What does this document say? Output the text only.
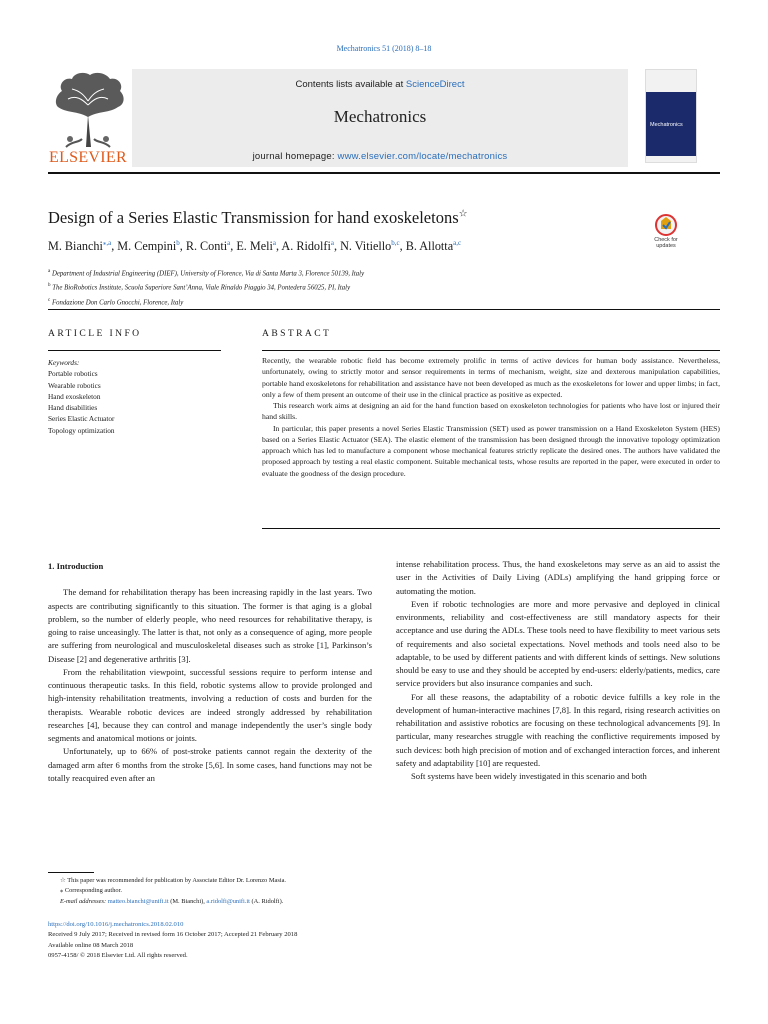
Mechatronics 51 (2018) 8–18
ELSEVIER
Contents lists available at ScienceDirect
Mechatronics
journal homepage: www.elsevier.com/locate/mechatronics
Mechatronics
Design of a Series Elastic Transmission for hand exoskeletons☆
Check for updates
M. Bianchi$^{⁎,a}$, M. Cempini$^b$, R. Conti$^a$, E. Meli$^a$, A. Ridolfi$^a$, N. Vitiello$^{b,c}$, B. Allotta$^{a,c}$
$^a$ Department of Industrial Engineering (DIEF), University of Florence, Via di Santa Marta 3, Florence 50139, Italy
$^b$ The BioRobotics Institute, Scuola Superiore Sant’Anna, Viale Rinaldo Piaggio 34, Pontedera 56025, PI, Italy
$^c$ Fondazione Don Carlo Gnocchi, Florence, Italy
ARTICLE INFO	ABSTRACT
Keywords:
Portable robotics
Wearable robotics
Hand exoskeleton
Hand disabilities
Series Elastic Actuator
Topology optimization

Recently, the wearable robotic field has become extremely prolific in terms of active devices for human body assistance. Nevertheless, unfortunately, owing to strictly motor and sensor requirements in terms of mechanism, weight, size and dexterous manipulation capabilities, portable hand exoskeletons for rehabilitation and assistance have not been developed as much as the exoskeletons for lower and upper limbs; in fact, only a few of them present an outcome of their use in the clinical practice as positive as expected.

This research work aims at designing an aid for the hand function based on exoskeleton technologies for patients who have lost or injured their hand skills.

In particular, this paper presents a novel Series Elastic Transmission (SET) used as power transmission on a Hand Exoskeleton System (HES) based on a Series Elastic Actuator (SEA). The elastic element of the transmission has been designed through the innovative topology optimization approach which has led to manufacture a component whose mechanical features strictly replicate the desired ones. The authors have validated the proposed approach by testing a real elastic component. Suitable mechanical tests, whose results are reported in the paper, were executed in order to evaluate the goodness of the design procedure.

1. Introduction

The demand for rehabilitation therapy has been increasing rapidly in the last years. Two aspects are contributing significantly to this situation. The former is that aging is a global problem, so the number of elderly people, who need resources for rehabilitative therapy, is going to raise unceasingly. The latter is that, not only as a consequence of aging, more people are suffering from neurological and musculoskeletal diseases such as stroke [1], Parkinson’s Disease [2] and degenerative arthritis [3].

From the rehabilitation viewpoint, successful sessions require to perform intense and continuous therapeutic tasks. In this field, robotic systems allow to provide prolonged and high-intensity rehabilitation treatments, involving a reduction of costs and burden for the therapists. Wearable robotic devices are indeed strongly addressed by rehabilitation researches [4], because they can control and manage independently the user’s single body segments and anatomical motions or joints.

Unfortunately, up to 66% of post-stroke patients cannot regain the dexterity of the damaged arm after 6 months from the stroke [5,6]. In some cases, hand functions may not be totally reacquired even after an

intense rehabilitation process. Thus, the hand exoskeletons may serve as an aid to assist the user in the Activities of Daily Living (ADLs) amplifying the hand gripping force or automating the motion.

Even if robotic technologies are more and more pervasive and deployed in clinical environments, reliability and cost-effectiveness are still mandatory aspects for their acceptance and use during the ADLs. These tools need to have flexibility to meet various sets of requirements and also societal expectations. Novel methods and tools need also to be adaptable, to be used by different patients and with different kinds of settings. New solutions should be easy to use and they should be accepted by end-users: elderly/patients, medics, care service providers but also insurance companies and such.

For all these reasons, the adaptability of a robotic device fulfills a key role in the development of human-interactive machines [7,8]. In this regard, rising research activities on rehabilitation and assistive robotics are focusing on these technological advancements [9]. In particular, many researches struggle with reaching the conflictive requirements imposed by such devices: both high precision of motion and of exchanged interaction forces, and inherent safety and adaptability [10] are requested.

Soft systems have been widely investigated in this scenario and both

☆ This paper was recommended for publication by Associate Editor Dr. Lorenzo Masia.
⁎ Corresponding author.
E-mail addresses: matteo.bianchi@unifi.it (M. Bianchi), a.ridolfi@unifi.it (A. Ridolfi).
https://doi.org/10.1016/j.mechatronics.2018.02.010
Received 9 July 2017; Received in revised form 16 October 2017; Accepted 21 February 2018
Available online 08 March 2018
0957-4158/ © 2018 Elsevier Ltd. All rights reserved.
